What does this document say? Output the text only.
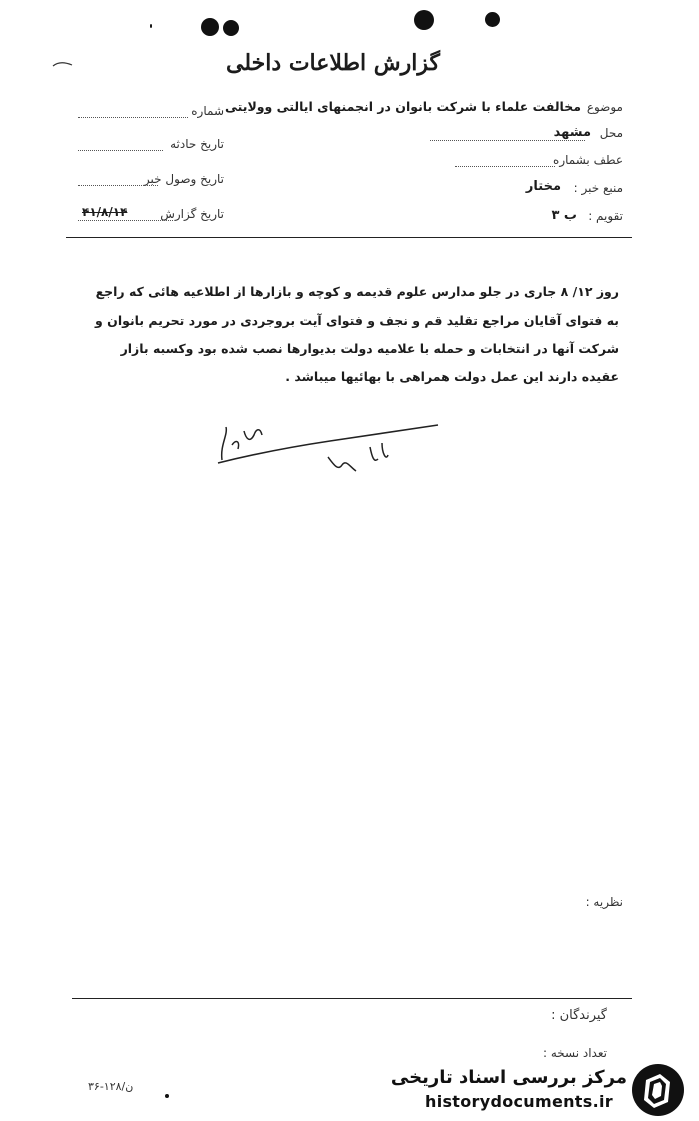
گزارش اطلاعات داخلی
شماره
تاریخ حادثه
تاریخ وصول خبر
تاریخ گزارش
۴۱/۸/۱۴
موضوع
مخالفت علماء با شرکت بانوان در انجمنهای ایالتی وولایتی
محل
مشهد
عطف بشماره
منبع خبر :
مختار
تقویم :
ب ۳
روز ۱۲/ ۸ جاری در جلو مدارس علوم قدیمه و کوچه و بازارها از اطلاعیه هائی که راجع
به فتوای آقایان مراجع تقلید قم و نجف و فتوای آیت بروجردی در مورد تحریم بانوان و
شرکت آنها در انتخابات و حمله با علامیه دولت بدیوارها نصب شده بود وکسبه بازار
عقیده دارند این عمل دولت همراهی با بهائیها میباشد .
نظریه :
گیرندگان :
تعداد نسخه :
۳۶-۱۲۸/ن	مرکز بررسی اسناد تاریخی
historydocuments.ir
